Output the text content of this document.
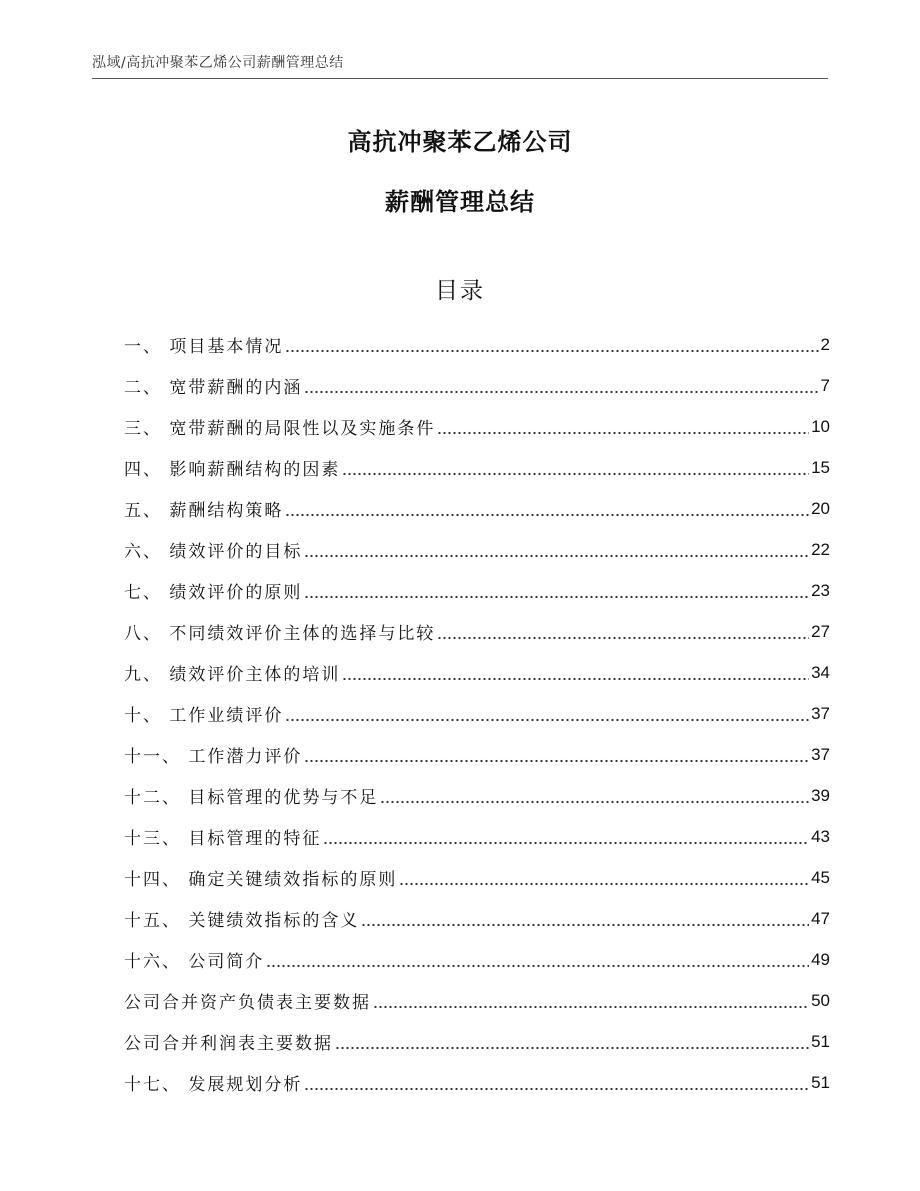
泓域/高抗冲聚苯乙烯公司薪酬管理总结
高抗冲聚苯乙烯公司
薪酬管理总结
目录
一、 项目基本情况	2
二、 宽带薪酬的内涵	7
三、 宽带薪酬的局限性以及实施条件	10
四、 影响薪酬结构的因素	15
五、 薪酬结构策略	20
六、 绩效评价的目标	22
七、 绩效评价的原则	23
八、 不同绩效评价主体的选择与比较	27
九、 绩效评价主体的培训	34
十、 工作业绩评价	37
十一、 工作潜力评价	37
十二、 目标管理的优势与不足	39
十三、 目标管理的特征	43
十四、 确定关键绩效指标的原则	45
十五、 关键绩效指标的含义	47
十六、 公司简介	49
公司合并资产负债表主要数据	50
公司合并利润表主要数据	51
十七、 发展规划分析	51
